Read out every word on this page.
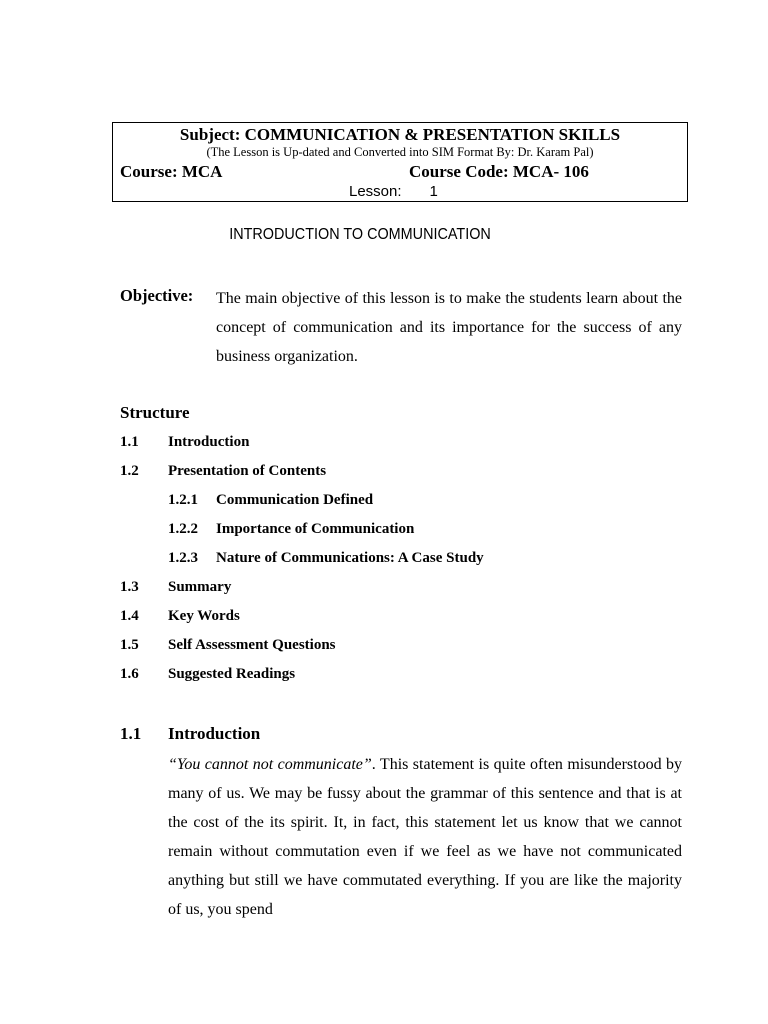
Subject: COMMUNICATION & PRESENTATION SKILLS
(The Lesson is Up-dated and Converted into SIM Format By: Dr. Karam Pal)
Course: MCA	Course Code: MCA- 106
Lesson: 1
INTRODUCTION TO COMMUNICATION
Objective: The main objective of this lesson is to make the students learn about the concept of communication and its importance for the success of any business organization.
Structure
1.1 Introduction
1.2 Presentation of Contents
1.2.1 Communication Defined
1.2.2 Importance of Communication
1.2.3 Nature of Communications: A Case Study
1.3 Summary
1.4 Key Words
1.5 Self Assessment Questions
1.6 Suggested Readings
1.1 Introduction
“You cannot not communicate”. This statement is quite often misunderstood by many of us. We may be fussy about the grammar of this sentence and that is at the cost of the its spirit. It, in fact, this statement let us know that we cannot remain without commutation even if we feel as we have not communicated anything but still we have commutated everything. If you are like the majority of us, you spend
